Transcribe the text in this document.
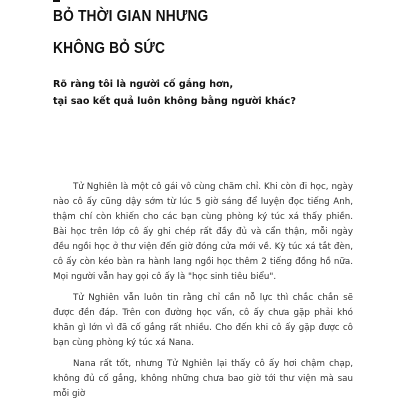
BỎ THỜI GIAN NHƯNG
KHÔNG BỎ SỨC

Rõ ràng tôi là người cố gắng hơn,

tại sao kết quả luôn không bằng người khác?

Tử Nghiên là một cô gái vô cùng chăm chỉ. Khi còn đi học, ngày nào cô ấy cũng dậy sớm từ lúc 5 giờ sáng để luyện đọc tiếng Anh, thậm chí còn khiến cho các bạn cùng phòng ký túc xá thấy phiền. Bài học trên lớp cô ấy ghi chép rất đầy đủ và cẩn thận, mỗi ngày đều ngồi học ở thư viện đến giờ đóng cửa mới về. Kỳ túc xá tắt đèn, cô ấy còn kéo bàn ra hành lang ngồi học thêm 2 tiếng đồng hồ nữa. Mọi người vẫn hay gọi cô ấy là "học sinh tiêu biểu".

Tử Nghiên vẫn luôn tin rằng chỉ cần nỗ lực thì chắc chắn sẽ được đền đáp. Trên con đường học vấn, cô ấy chưa gặp phải khó khăn gì lớn vì đã cố gắng rất nhiều. Cho đến khi cô ấy gặp được cô bạn cùng phòng ký túc xá Nana.

Nana rất tốt, nhưng Tử Nghiên lại thấy cô ấy hơi chậm chạp, không đủ cố gắng, không những chưa bao giờ tới thư viện mà sau mỗi giờ
